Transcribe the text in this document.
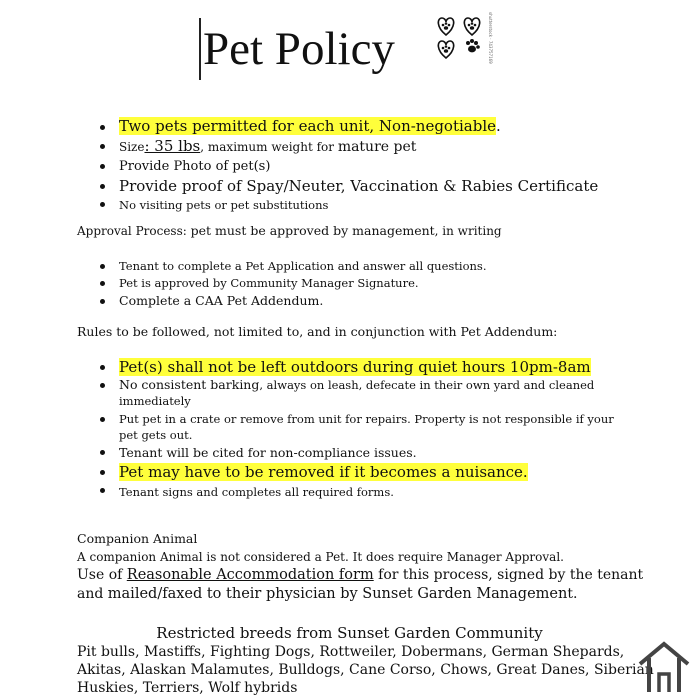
Pet Policy	shutterstock · 743757169
Two pets permitted for each unit, Non-negotiable.
Size: 35 lbs, maximum weight for mature pet
Provide Photo of pet(s)
Provide proof of Spay/Neuter, Vaccination & Rabies Certificate
No visiting pets or pet substitutions
Approval Process: pet must be approved by management, in writing
Tenant to complete a Pet Application and answer all questions.
Pet is approved by Community Manager Signature.
Complete a CAA Pet Addendum.
Rules to be followed, not limited to, and in conjunction with Pet Addendum:
Pet(s) shall not be left outdoors during quiet hours 10pm-8am
No consistent barking, always on leash, defecate in their own yard and cleaned immediately
Put pet in a crate or remove from unit for repairs. Property is not responsible if your pet gets out.
Tenant will be cited for non-compliance issues.
Pet may have to be removed if it becomes a nuisance.
Tenant signs and completes all required forms.
Companion Animal
A companion Animal is not considered a Pet. It does require Manager Approval.
Use of Reasonable Accommodation form for this process, signed by the tenant
and mailed/faxed to their physician by Sunset Garden Management.
Restricted breeds from Sunset Garden Community
Pit bulls, Mastiffs, Fighting Dogs, Rottweiler, Dobermans, German Shepards,
Akitas, Alaskan Malamutes, Bulldogs, Cane Corso, Chows, Great Danes, Siberian
Huskies, Terriers, Wolf hybrids
